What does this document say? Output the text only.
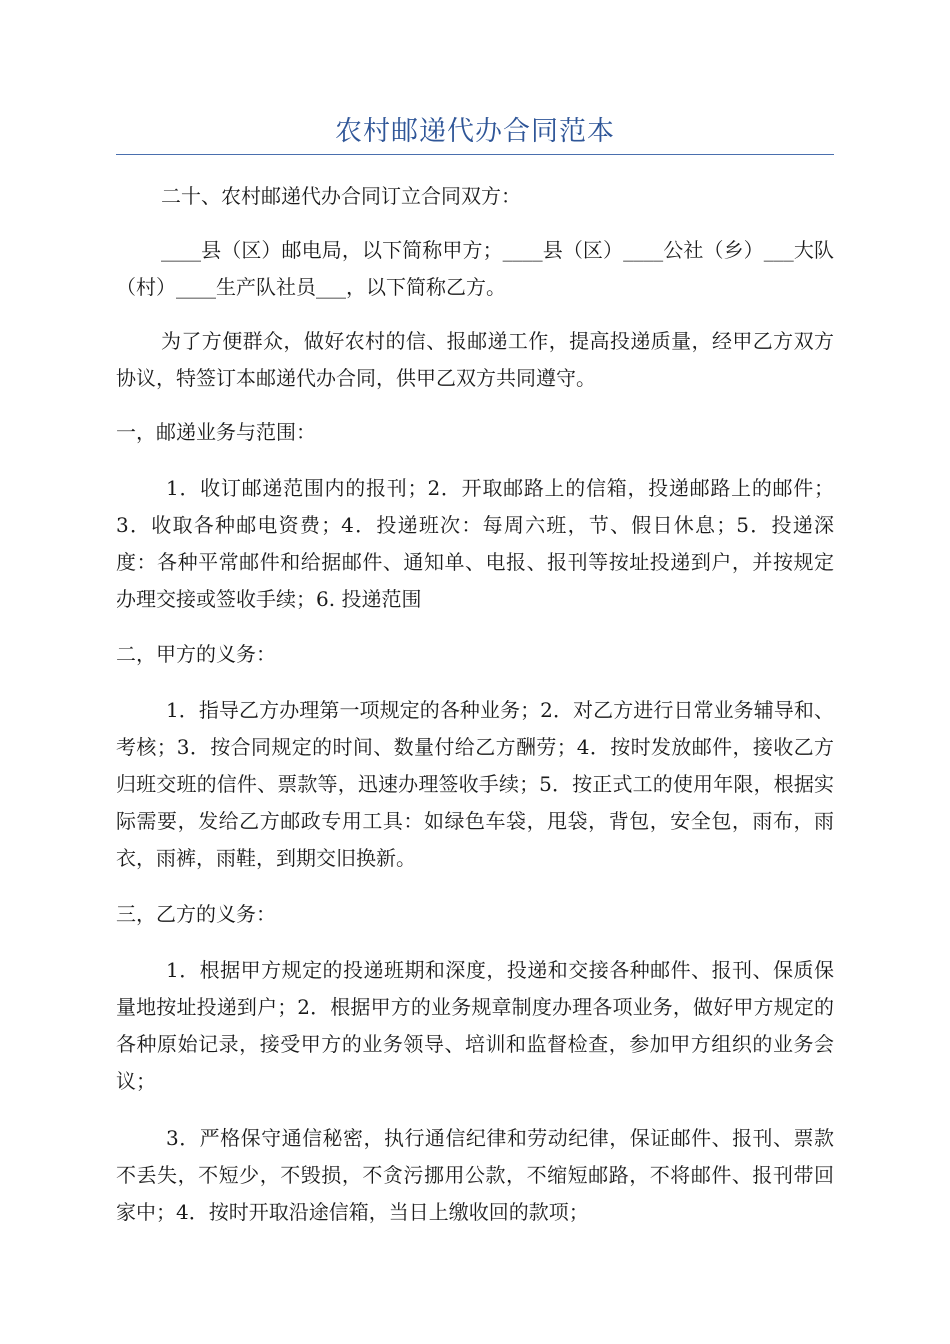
农村邮递代办合同范本

二十、农村邮递代办合同订立合同双方：

____县（区）邮电局，以下简称甲方；____县（区）____公社（乡）___大队（村）____生产队社员___，以下简称乙方。

为了方便群众，做好农村的信、报邮递工作，提高投递质量，经甲乙方双方协议，特签订本邮递代办合同，供甲乙双方共同遵守。

一，邮递业务与范围：

1．收订邮递范围内的报刊；2．开取邮路上的信箱，投递邮路上的邮件；3．收取各种邮电资费；4．投递班次：每周六班，节、假日休息；5．投递深度：各种平常邮件和给据邮件、通知单、电报、报刊等按址投递到户，并按规定办理交接或签收手续；6. 投递范围

二，甲方的义务：

1．指导乙方办理第一项规定的各种业务；2．对乙方进行日常业务辅导和、考核；3．按合同规定的时间、数量付给乙方酬劳；4．按时发放邮件，接收乙方归班交班的信件、票款等，迅速办理签收手续；5．按正式工的使用年限，根据实际需要，发给乙方邮政专用工具：如绿色车袋，甩袋，背包，安全包，雨布，雨衣，雨裤，雨鞋，到期交旧换新。

三，乙方的义务：

1．根据甲方规定的投递班期和深度，投递和交接各种邮件、报刊、保质保量地按址投递到户；2．根据甲方的业务规章制度办理各项业务，做好甲方规定的各种原始记录，接受甲方的业务领导、培训和监督检查，参加甲方组织的业务会议；

3．严格保守通信秘密，执行通信纪律和劳动纪律，保证邮件、报刊、票款不丢失，不短少，不毁损，不贪污挪用公款，不缩短邮路，不将邮件、报刊带回家中；4．按时开取沿途信箱，当日上缴收回的款项；
